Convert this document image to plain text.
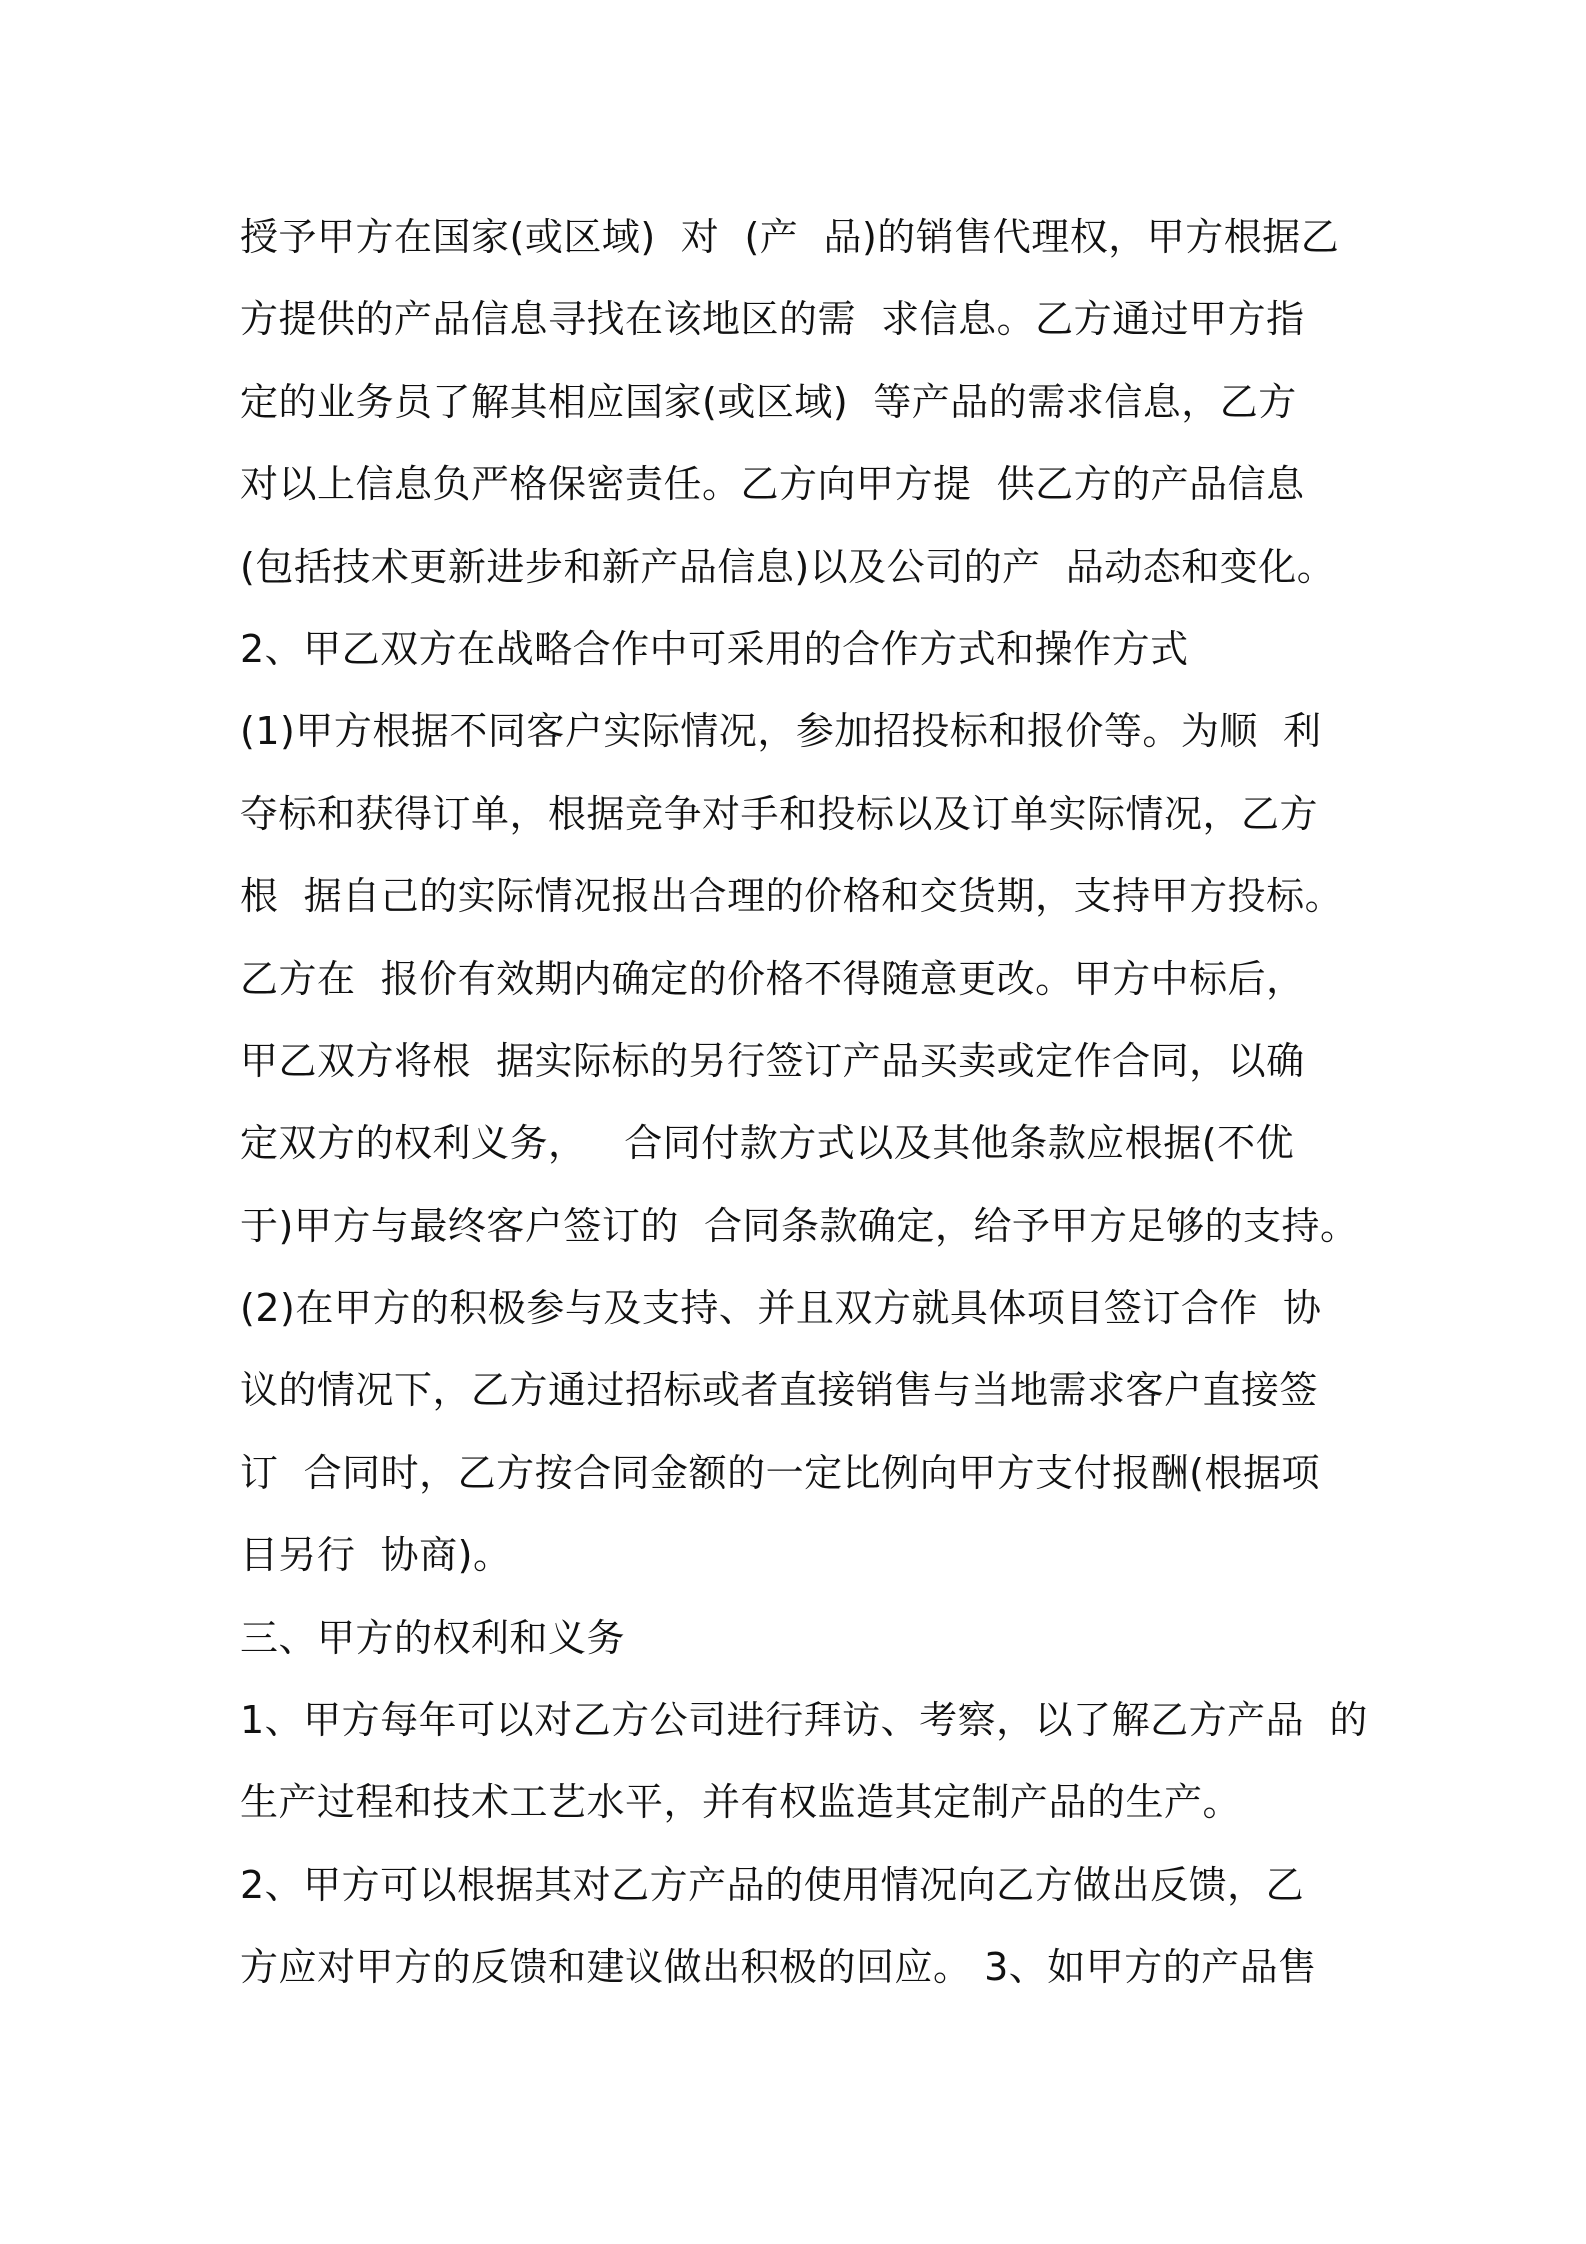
授予甲方在国家(或区域)  对  (产  品)的销售代理权，甲方根据乙
方提供的产品信息寻找在该地区的需  求信息。乙方通过甲方指
定的业务员了解其相应国家(或区域)  等产品的需求信息，乙方
对以上信息负严格保密责任。乙方向甲方提  供乙方的产品信息
(包括技术更新进步和新产品信息)以及公司的产  品动态和变化。
2、甲乙双方在战略合作中可采用的合作方式和操作方式
(1)甲方根据不同客户实际情况，参加招投标和报价等。为顺  利
夺标和获得订单，根据竞争对手和投标以及订单实际情况，乙方
根  据自己的实际情况报出合理的价格和交货期，支持甲方投标。
乙方在  报价有效期内确定的价格不得随意更改。甲方中标后，
甲乙双方将根  据实际标的另行签订产品买卖或定作合同，以确
定双方的权利义务，   合同付款方式以及其他条款应根据(不优
于)甲方与最终客户签订的  合同条款确定，给予甲方足够的支持。
(2)在甲方的积极参与及支持、并且双方就具体项目签订合作  协
议的情况下，乙方通过招标或者直接销售与当地需求客户直接签
订  合同时，乙方按合同金额的一定比例向甲方支付报酬(根据项
目另行  协商)。
三、甲方的权利和义务
1、甲方每年可以对乙方公司进行拜访、考察，以了解乙方产品  的
生产过程和技术工艺水平，并有权监造其定制产品的生产。
2、甲方可以根据其对乙方产品的使用情况向乙方做出反馈，乙
方应对甲方的反馈和建议做出积极的回应。 3、如甲方的产品售
